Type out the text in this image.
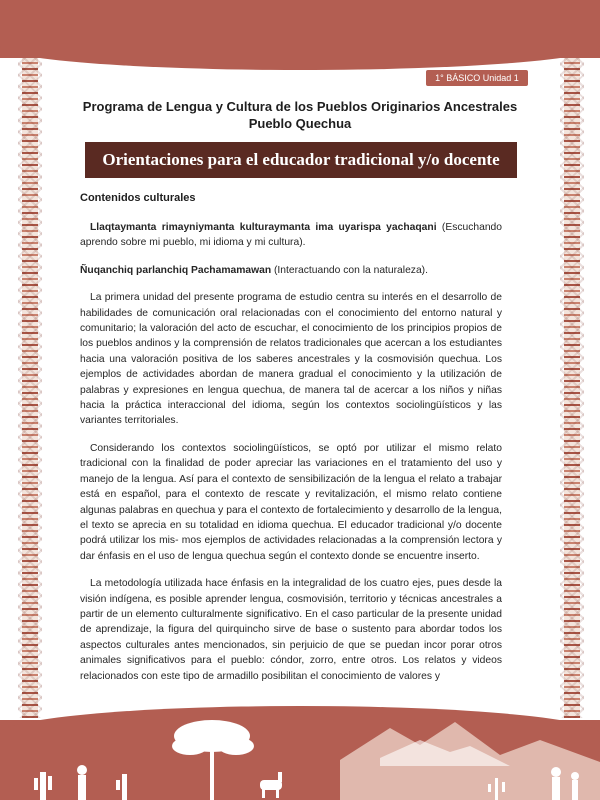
1° BÁSICO Unidad 1
Programa de Lengua y Cultura de los Pueblos Originarios Ancestrales
Pueblo Quechua
Orientaciones para el educador tradicional y/o docente
Contenidos culturales

Llaqtaymanta rimayniymanta kulturaymanta ima uyarispa yachaqani (Escuchando aprendo sobre mi pueblo, mi idioma y mi cultura).

Ñuqanchiq parlanchiq Pachamamawan (Interactuando con la naturaleza).

La primera unidad del presente programa de estudio centra su interés en el desarrollo de habilidades de comunicación oral relacionadas con el conocimiento del entorno natural y comunitario; la valoración del acto de escuchar, el conocimiento de los principios propios de los pueblos andinos y la comprensión de relatos tradicionales que acercan a los estudiantes hacia una valoración positiva de los saberes ancestrales y la cosmovisión quechua. Los ejemplos de actividades abordan de manera gradual el conocimiento y la utilización de palabras y expresiones en lengua quechua, de manera tal de acercar a los niños y niñas hacia la práctica interaccional del idioma, según los contextos sociolingüísticos y las variantes territoriales.

Considerando los contextos sociolingüísticos, se optó por utilizar el mismo relato tradicional con la finalidad de poder apreciar las variaciones en el tratamiento del uso y manejo de la lengua. Así para el contexto de sensibilización de la lengua el relato a trabajar está en español, para el contexto de rescate y revitalización, el mismo relato contiene algunas palabras en quechua y para el contexto de fortalecimiento y desarrollo de la lengua, el texto se aprecia en su totalidad en idioma quechua. El educador tradicional y/o docente podrá utilizar los mis- mos ejemplos de actividades relacionadas a la comprensión lectora y dar énfasis en el uso de lengua quechua según el contexto donde se encuentre inserto.

La metodología utilizada hace énfasis en la integralidad de los cuatro ejes, pues desde la visión indígena, es posible aprender lengua, cosmovisión, territorio y técnicas ancestrales a partir de un elemento culturalmente significativo. En el caso particular de la presente unidad de aprendizaje, la figura del quirquincho sirve de base o sustento para abordar todos los aspectos culturales antes mencionados, sin perjuicio de que se puedan incor porar otros animales significativos para el pueblo: cóndor, zorro, entre otros. Los relatos y videos relacionados con este tipo de armadillo posibilitan el conocimiento de valores y
